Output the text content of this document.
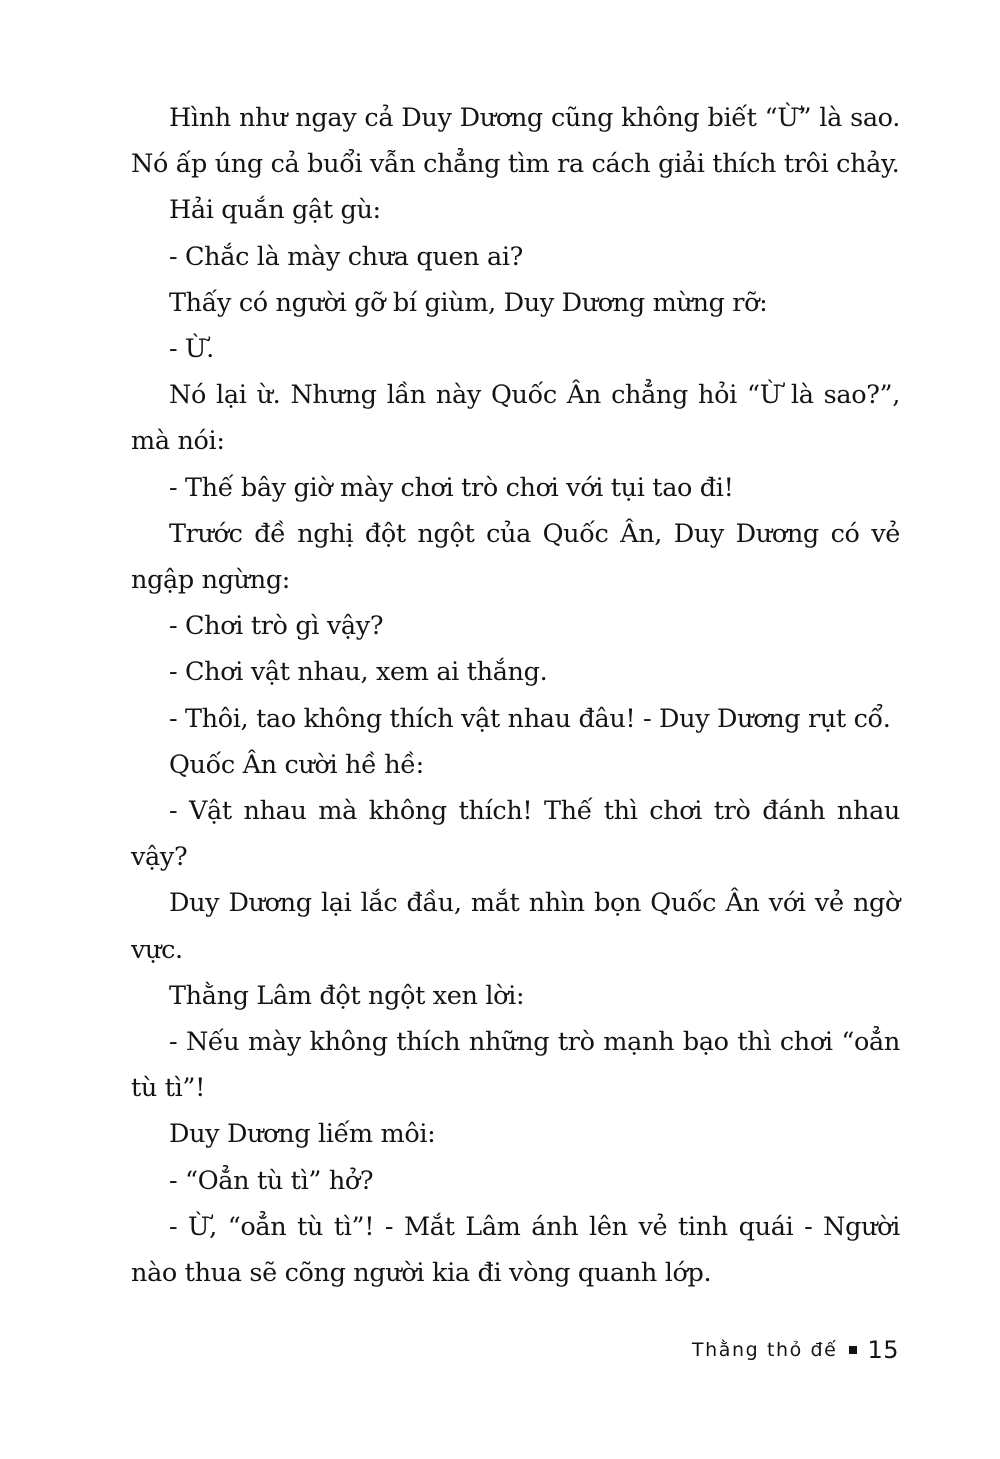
Hình như ngay cả Duy Dương cũng không biết “Ừ” là sao. Nó ấp úng cả buổi vẫn chẳng tìm ra cách giải thích trôi chảy.

Hải quắn gật gù:

- Chắc là mày chưa quen ai?

Thấy có người gỡ bí giùm, Duy Dương mừng rỡ:

- Ừ.

Nó lại ừ. Nhưng lần này Quốc Ân chẳng hỏi “Ừ là sao?”, mà nói:

- Thế bây giờ mày chơi trò chơi với tụi tao đi!

Trước đề nghị đột ngột của Quốc Ân, Duy Dương có vẻ ngập ngừng:

- Chơi trò gì vậy?

- Chơi vật nhau, xem ai thắng.

- Thôi, tao không thích vật nhau đâu! - Duy Dương rụt cổ.

Quốc Ân cười hề hề:

- Vật nhau mà không thích! Thế thì chơi trò đánh nhau vậy?

Duy Dương lại lắc đầu, mắt nhìn bọn Quốc Ân với vẻ ngờ vực.

Thằng Lâm đột ngột xen lời:

- Nếu mày không thích những trò mạnh bạo thì chơi “oẳn tù tì”!

Duy Dương liếm môi:

- “Oẳn tù tì” hở?

- Ừ, “oẳn tù tì”! - Mắt Lâm ánh lên vẻ tinh quái - Người nào thua sẽ cõng người kia đi vòng quanh lớp.

Thằng thỏ đế 15
